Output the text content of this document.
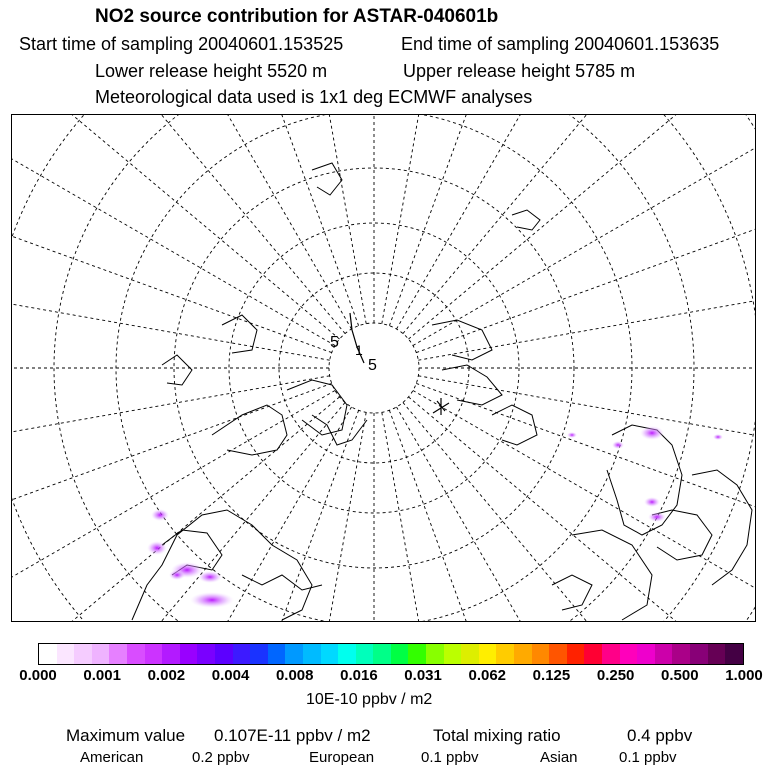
NO2 source contribution for ASTAR-040601b
Start time of sampling 20040601.153525	End time of sampling 20040601.153635
Lower release height 5520 m	Upper release height 5785 m
Meteorological data used is 1x1 deg ECMWF analyses
5 1
5
0.000 0.001 0.002 0.004 0.008 0.016 0.031 0.062 0.125 0.250 0.500 1.000
10E-10 ppbv / m2
Maximum value 0.107E-11 ppbv / m2	Total mixing ratio	0.4 ppbv
American	0.2 ppbv	European	0.1 ppbv	Asian	0.1 ppbv
